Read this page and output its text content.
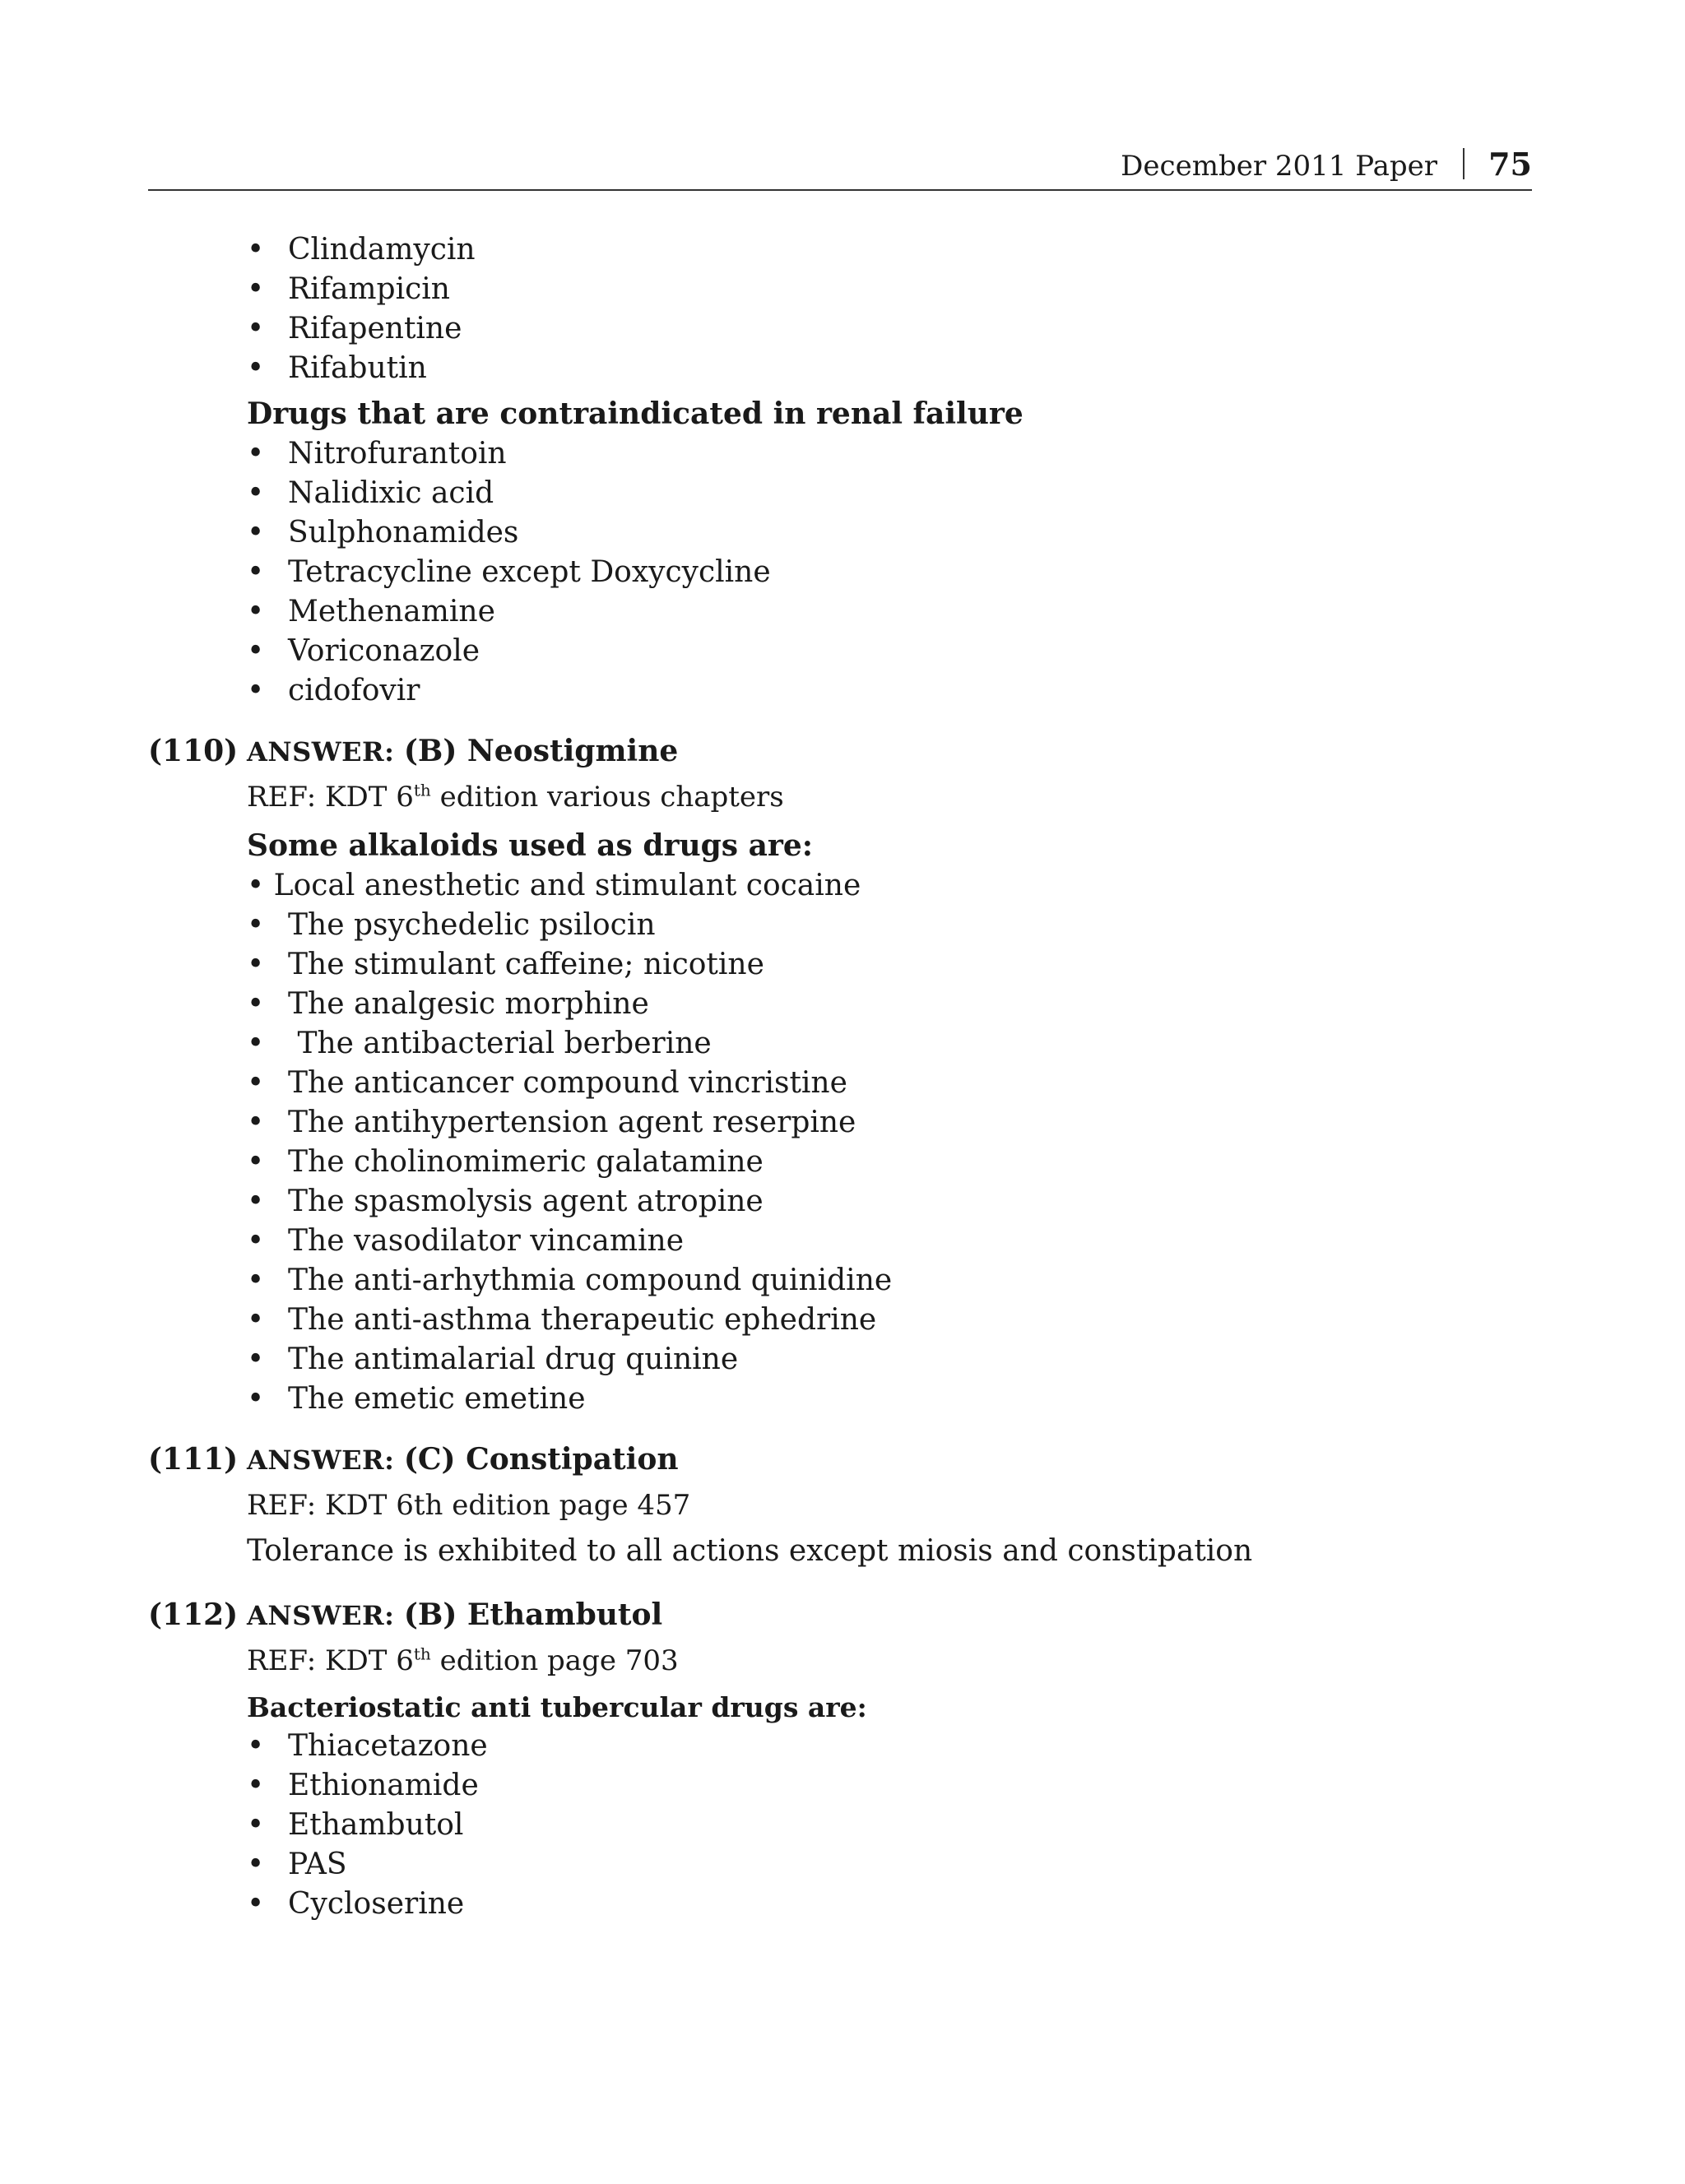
December 2011 Paper 75
• Clindamycin
• Rifampicin
• Rifapentine
• Rifabutin
Drugs that are contraindicated in renal failure
• Nitrofurantoin
• Nalidixic acid
• Sulphonamides
• Tetracycline except Doxycycline
• Methenamine
• Voriconazole
• cidofovir
(110) ANSWER: (B) Neostigmine
REF: KDT 6th edition various chapters
Some alkaloids used as drugs are:
• Local anesthetic and stimulant cocaine
• The psychedelic psilocin
• The stimulant caffeine; nicotine
• The analgesic morphine
• The antibacterial berberine
• The anticancer compound vincristine
• The antihypertension agent reserpine
• The cholinomimeric galatamine
• The spasmolysis agent atropine
• The vasodilator vincamine
• The anti-arhythmia compound quinidine
• The anti-asthma therapeutic ephedrine
• The antimalarial drug quinine
• The emetic emetine
(111) ANSWER: (C) Constipation
REF: KDT 6th edition page 457
Tolerance is exhibited to all actions except miosis and constipation
(112) ANSWER: (B) Ethambutol
REF: KDT 6th edition page 703
Bacteriostatic anti tubercular drugs are:
• Thiacetazone
• Ethionamide
• Ethambutol
• PAS
• Cycloserine
